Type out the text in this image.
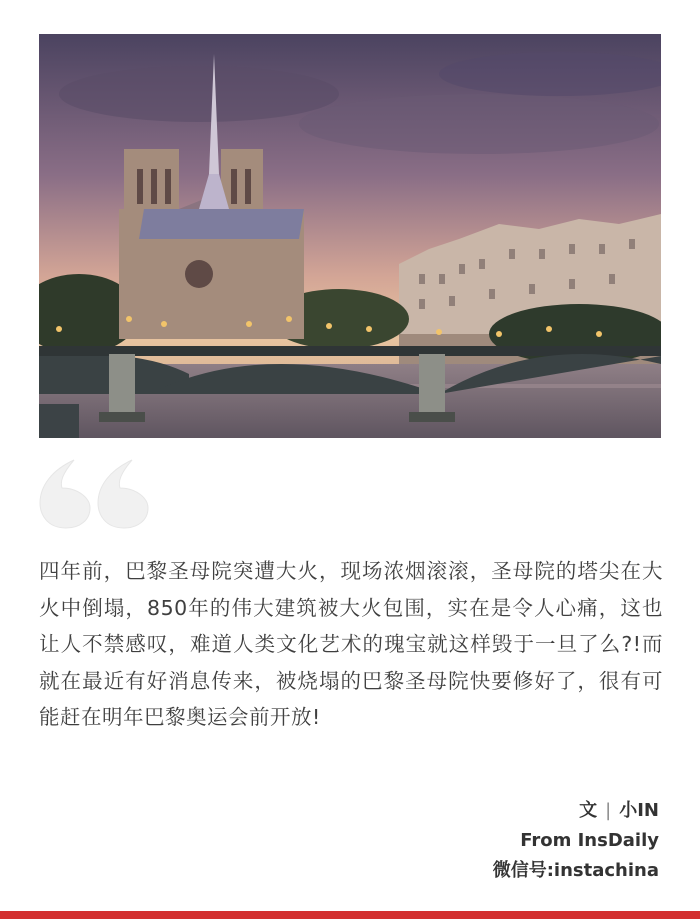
四年前，巴黎圣母院突遭大火，现场浓烟滚滚，圣母院的塔尖在大火中倒塌，850年的伟大建筑被大火包围，实在是令人心痛，这也让人不禁感叹，难道人类文化艺术的瑰宝就这样毁于一旦了么?!而就在最近有好消息传来，被烧塌的巴黎圣母院快要修好了，很有可能赶在明年巴黎奥运会前开放!
文 | 小IN
From InsDaily
微信号:instachina
